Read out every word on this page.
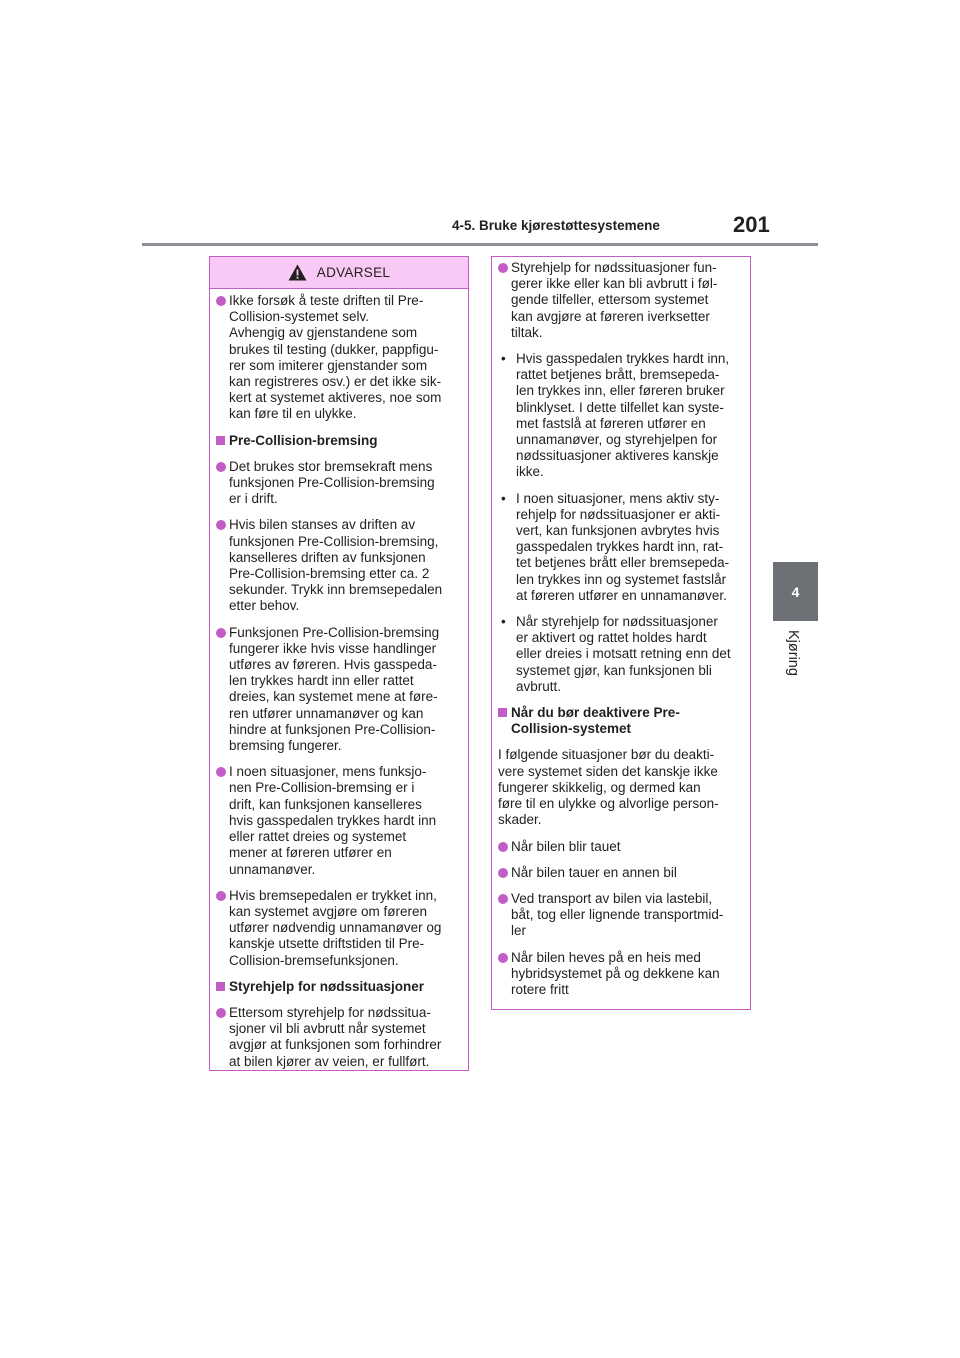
4-5. Bruke kjørestøttesystemene	201
4
Kjøring
ADVARSEL
Ikke forsøk å teste driften til Pre-
Collision-systemet selv.
Avhengig av gjenstandene som
brukes til testing (dukker, pappfigu-
rer som imiterer gjenstander som
kan registreres osv.) er det ikke sik-
kert at systemet aktiveres, noe som
kan føre til en ulykke.
Pre-Collision-bremsing
Det brukes stor bremsekraft mens
funksjonen Pre-Collision-bremsing
er i drift.
Hvis bilen stanses av driften av
funksjonen Pre-Collision-bremsing,
kanselleres driften av funksjonen
Pre-Collision-bremsing etter ca. 2
sekunder. Trykk inn bremsepedalen
etter behov.
Funksjonen Pre-Collision-bremsing
fungerer ikke hvis visse handlinger
utføres av føreren. Hvis gasspeda-
len trykkes hardt inn eller rattet
dreies, kan systemet mene at føre-
ren utfører unnamanøver og kan
hindre at funksjonen Pre-Collision-
bremsing fungerer.
I noen situasjoner, mens funksjo-
nen Pre-Collision-bremsing er i
drift, kan funksjonen kanselleres
hvis gasspedalen trykkes hardt inn
eller rattet dreies og systemet
mener at føreren utfører en
unnamanøver.
Hvis bremsepedalen er trykket inn,
kan systemet avgjøre om føreren
utfører nødvendig unnamanøver og
kanskje utsette driftstiden til Pre-
Collision-bremsefunksjonen.
Styrehjelp for nødssituasjoner
Ettersom styrehjelp for nødssitua-
sjoner vil bli avbrutt når systemet
avgjør at funksjonen som forhindrer
at bilen kjører av veien, er fullført.
Styrehjelp for nødssituasjoner fun-
gerer ikke eller kan bli avbrutt i føl-
gende tilfeller, ettersom systemet
kan avgjøre at føreren iverksetter
tiltak.
• Hvis gasspedalen trykkes hardt inn,
rattet betjenes brått, bremsepeda-
len trykkes inn, eller føreren bruker
blinklyset. I dette tilfellet kan syste-
met fastslå at føreren utfører en
unnamanøver, og styrehjelpen for
nødssituasjoner aktiveres kanskje
ikke.
• I noen situasjoner, mens aktiv sty-
rehjelp for nødssituasjoner er akti-
vert, kan funksjonen avbrytes hvis
gasspedalen trykkes hardt inn, rat-
tet betjenes brått eller bremsepeda-
len trykkes inn og systemet fastslår
at føreren utfører en unnamanøver.
• Når styrehjelp for nødssituasjoner
er aktivert og rattet holdes hardt
eller dreies i motsatt retning enn det
systemet gjør, kan funksjonen bli
avbrutt.
Når du bør deaktivere Pre-
Collision-systemet
I følgende situasjoner bør du deakti-
vere systemet siden det kanskje ikke
fungerer skikkelig, og dermed kan
føre til en ulykke og alvorlige person-
skader.
Når bilen blir tauet
Når bilen tauer en annen bil
Ved transport av bilen via lastebil,
båt, tog eller lignende transportmid-
ler
Når bilen heves på en heis med
hybridsystemet på og dekkene kan
rotere fritt
